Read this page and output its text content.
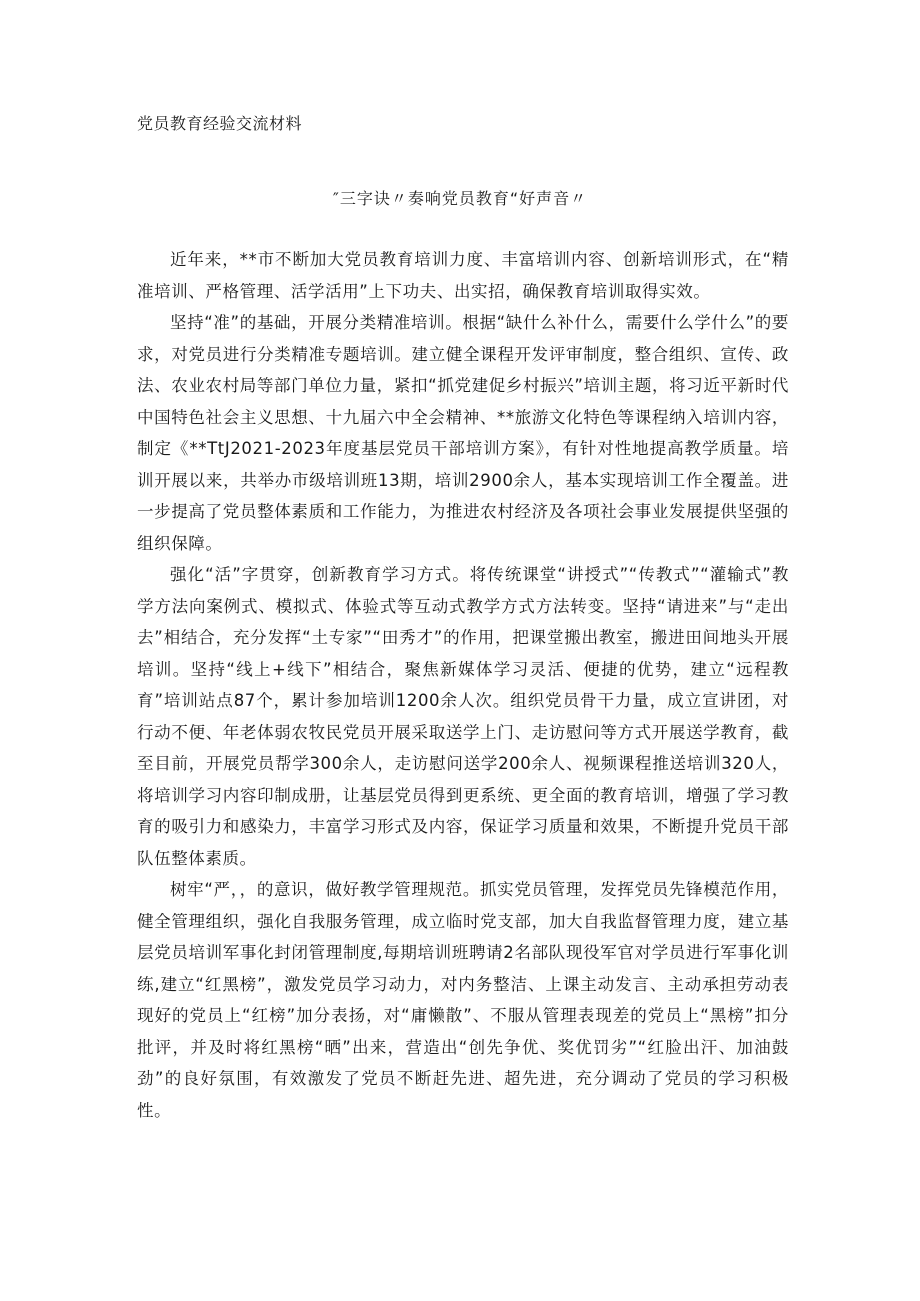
党员教育经验交流材料
″三字诀〃奏响党员教育“好声音〃

近年来，**市不断加大党员教育培训力度、丰富培训内容、创新培训形式，在“精准培训、严格管理、活学活用”上下功夫、出实招，确保教育培训取得实效。

坚持“准”的基础，开展分类精准培训。根据“缺什么补什么，需要什么学什么”的要求，对党员进行分类精准专题培训。建立健全课程开发评审制度，整合组织、宣传、政法、农业农村局等部门单位力量，紧扣“抓党建促乡村振兴”培训主题，将习近平新时代中国特色社会主义思想、十九届六中全会精神、**旅游文化特色等课程纳入培训内容，制定《**TtJ2021-2023年度基层党员干部培训方案》，有针对性地提高教学质量。培训开展以来，共举办市级培训班13期，培训2900余人，基本实现培训工作全覆盖。进一步提高了党员整体素质和工作能力，为推进农村经济及各项社会事业发展提供坚强的组织保障。

强化“活”字贯穿，创新教育学习方式。将传统课堂“讲授式”“传教式”“灌输式”教学方法向案例式、模拟式、体验式等互动式教学方式方法转变。坚持“请进来”与“走出去”相结合，充分发挥“土专家”“田秀才”的作用，把课堂搬出教室，搬进田间地头开展培训。坚持“线上+线下”相结合，聚焦新媒体学习灵活、便捷的优势，建立“远程教育”培训站点87个，累计参加培训1200余人次。组织党员骨干力量，成立宣讲团，对行动不便、年老体弱农牧民党员开展采取送学上门、走访慰问等方式开展送学教育，截至目前，开展党员帮学300余人，走访慰问送学200余人、视频课程推送培训320人，将培训学习内容印制成册，让基层党员得到更系统、更全面的教育培训，增强了学习教育的吸引力和感染力，丰富学习形式及内容，保证学习质量和效果，不断提升党员干部队伍整体素质。

树牢“严，，的意识，做好教学管理规范。抓实党员管理，发挥党员先锋模范作用，健全管理组织，强化自我服务管理，成立临时党支部，加大自我监督管理力度，建立基层党员培训军事化封闭管理制度,每期培训班聘请2名部队现役军官对学员进行军事化训练,建立“红黑榜”，激发党员学习动力，对内务整洁、上课主动发言、主动承担劳动表现好的党员上“红榜”加分表扬，对“庸懒散”、不服从管理表现差的党员上“黑榜”扣分批评，并及时将红黑榜“晒”出来，营造出“创先争优、奖优罚劣”“红脸出汗、加油鼓劲”的良好氛围，有效激发了党员不断赶先进、超先进，充分调动了党员的学习积极性。
